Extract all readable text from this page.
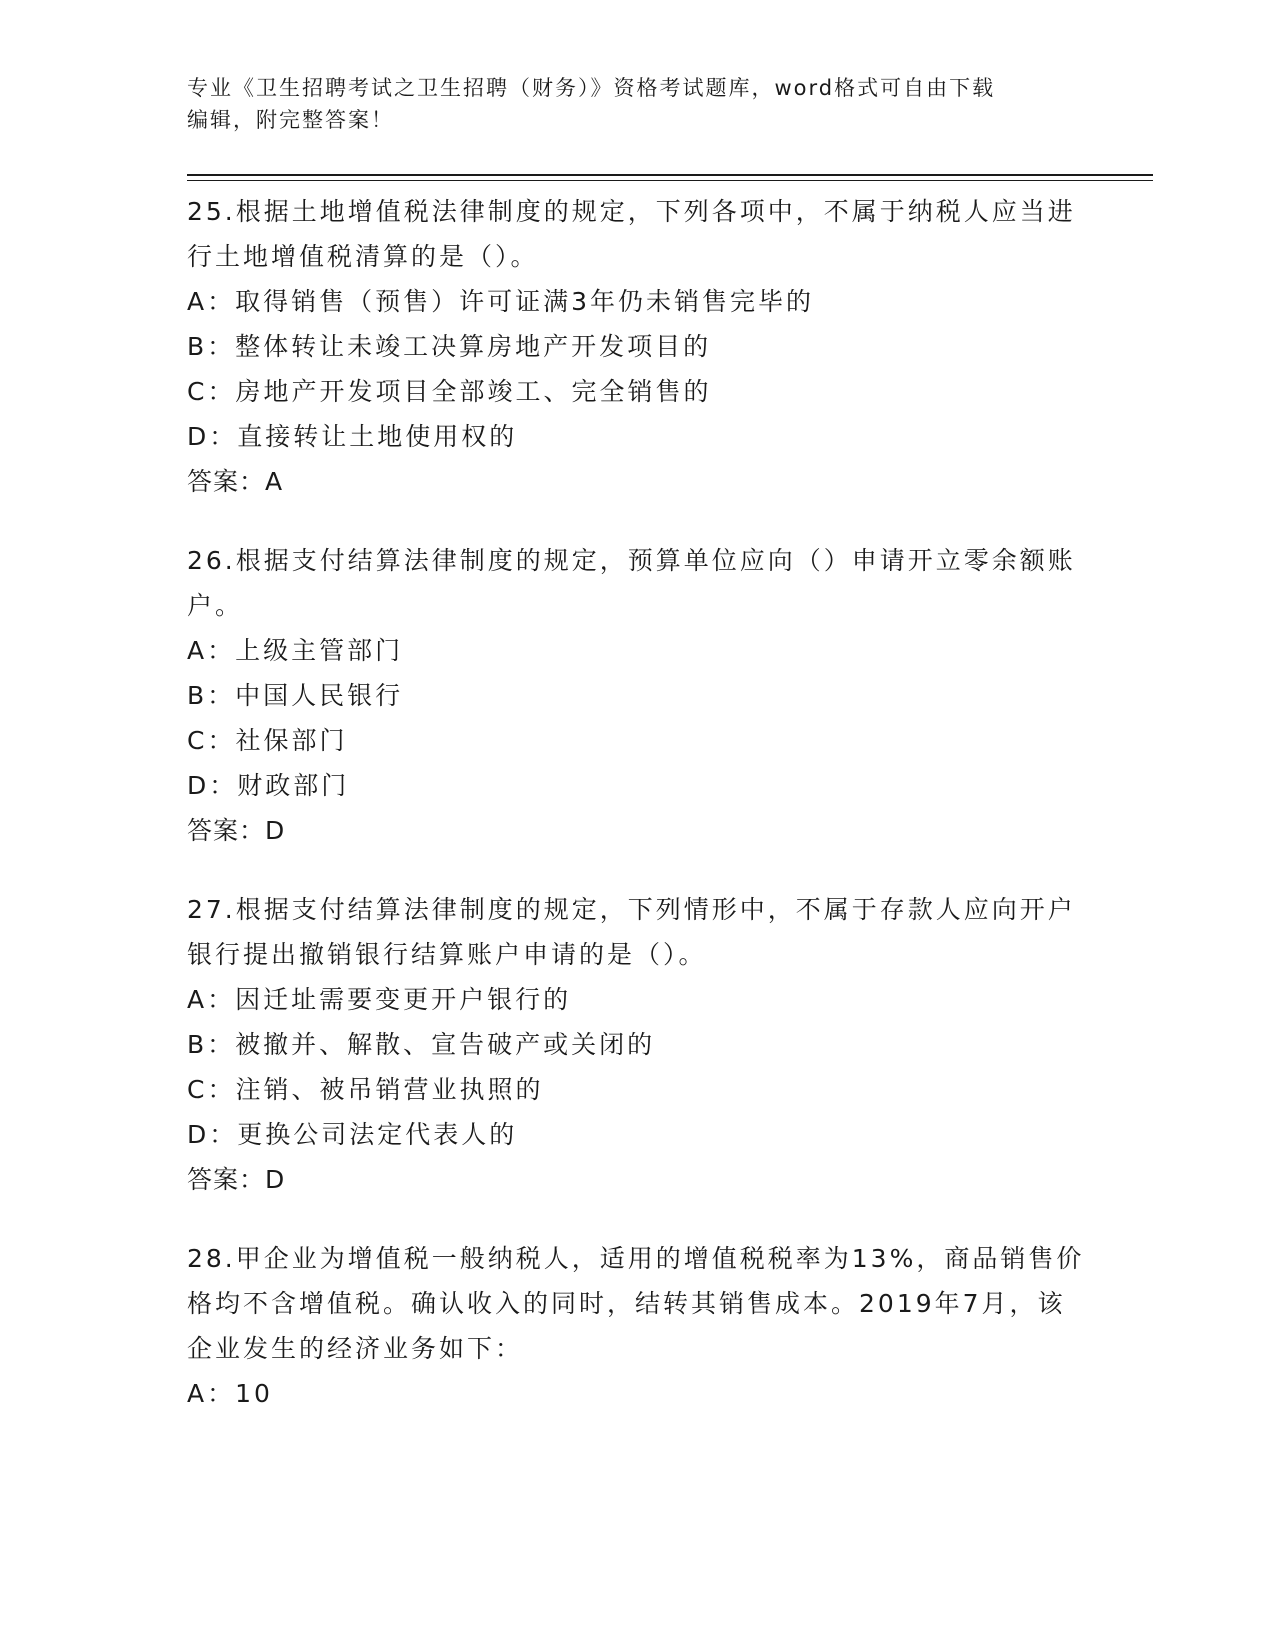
专业《卫生招聘考试之卫生招聘（财务）》资格考试题库，word格式可自由下载
编辑，附完整答案！

25.根据土地增值税法律制度的规定，下列各项中，不属于纳税人应当进行土地增值税清算的是（）。

A：取得销售（预售）许可证满3年仍未销售完毕的

B：整体转让未竣工决算房地产开发项目的

C：房地产开发项目全部竣工、完全销售的

D：直接转让土地使用权的

答案：A

26.根据支付结算法律制度的规定，预算单位应向（）申请开立零余额账户。

A：上级主管部门

B：中国人民银行

C：社保部门

D：财政部门

答案：D

27.根据支付结算法律制度的规定，下列情形中，不属于存款人应向开户银行提出撤销银行结算账户申请的是（）。

A：因迁址需要变更开户银行的

B：被撤并、解散、宣告破产或关闭的

C：注销、被吊销营业执照的

D：更换公司法定代表人的

答案：D

28.甲企业为增值税一般纳税人，适用的增值税税率为13%，商品销售价格均不含增值税。确认收入的同时，结转其销售成本。2019年7月，该企业发生的经济业务如下：

A：10
